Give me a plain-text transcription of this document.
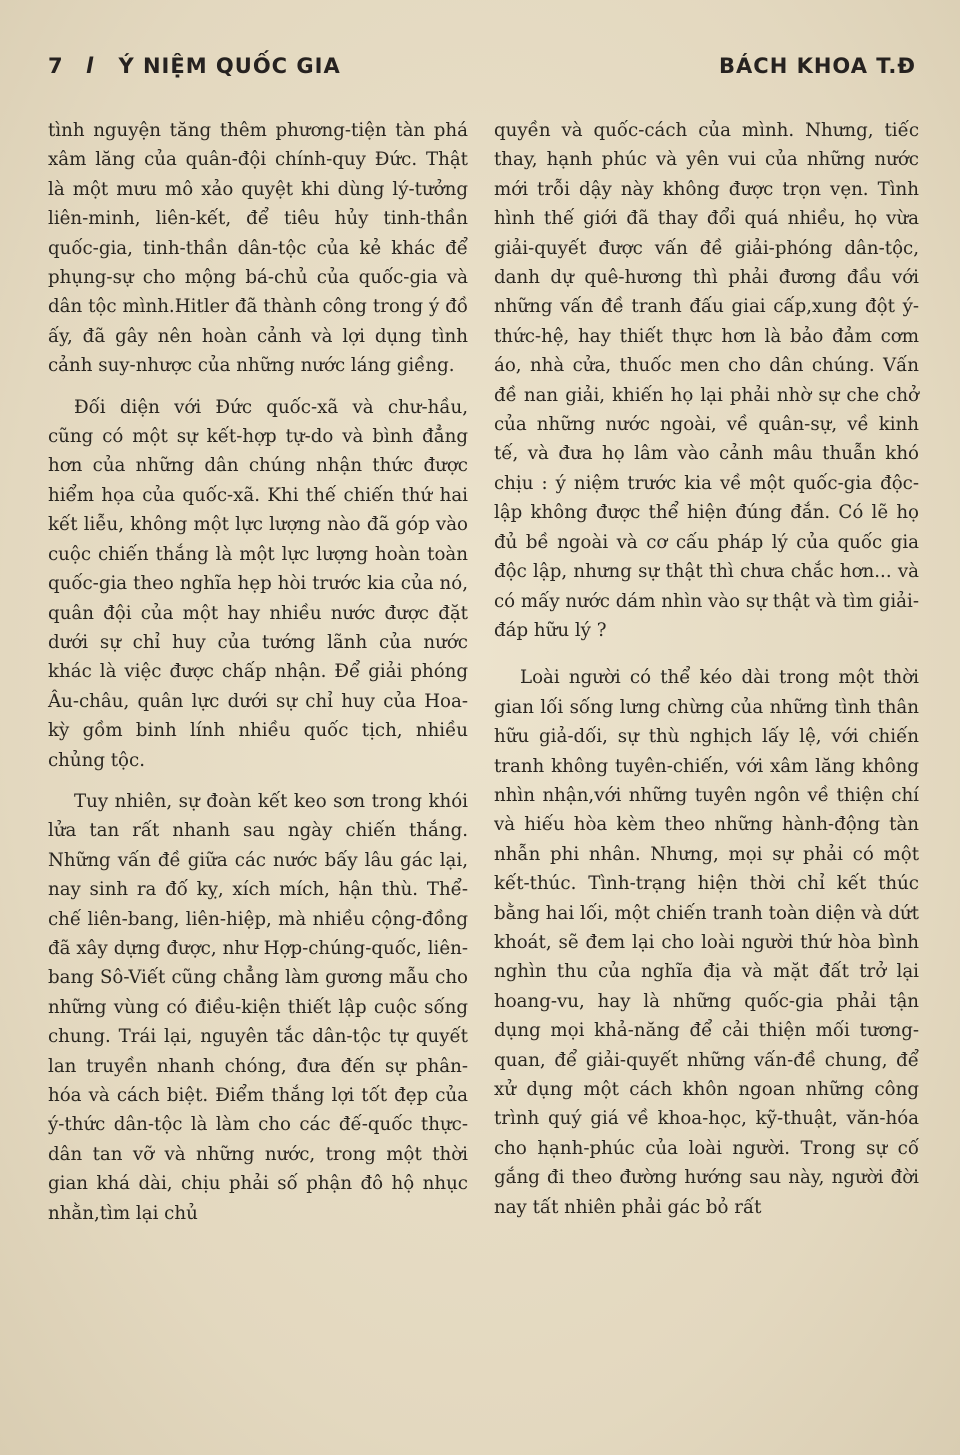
7 l Ý NIỆM QUỐC GIA	BÁCH KHOA T.Đ

tình nguyện tăng thêm phương-tiện tàn phá xâm lăng của quân-đội chính-quy Đức. Thật là một mưu mô xảo quyệt khi dùng lý-tưởng liên-minh, liên-kết, để tiêu hủy tinh-thần quốc-gia, tinh-thần dân-tộc của kẻ khác để phụng-sự cho mộng bá-chủ của quốc-gia và dân tộc mình.Hitler đã thành công trong ý đồ ấy, đã gây nên hoàn cảnh và lợi dụng tình cảnh suy-nhược của những nước láng giềng.

Đối diện với Đức quốc-xã và chư-hầu, cũng có một sự kết-hợp tự-do và bình đẳng hơn của những dân chúng nhận thức được hiểm họa của quốc-xã. Khi thế chiến thứ hai kết liễu, không một lực lượng nào đã góp vào cuộc chiến thắng là một lực lượng hoàn toàn quốc-gia theo nghĩa hẹp hòi trước kia của nó, quân đội của một hay nhiều nước được đặt dưới sự chỉ huy của tướng lãnh của nước khác là việc được chấp nhận. Để giải phóng Âu-châu, quân lực dưới sự chỉ huy của Hoa-kỳ gồm binh lính nhiều quốc tịch, nhiều chủng tộc.

Tuy nhiên, sự đoàn kết keo sơn trong khói lửa tan rất nhanh sau ngày chiến thắng. Những vấn đề giữa các nước bấy lâu gác lại, nay sinh ra đố kỵ, xích mích, hận thù. Thể-chế liên-bang, liên-hiệp, mà nhiều cộng-đồng đã xây dựng được, như Hợp-chúng-quốc, liên-bang Sô-Viết cũng chẳng làm gương mẫu cho những vùng có điều-kiện thiết lập cuộc sống chung. Trái lại, nguyên tắc dân-tộc tự quyết lan truyền nhanh chóng, đưa đến sự phân-hóa và cách biệt. Điểm thắng lợi tốt đẹp của ý-thức dân-tộc là làm cho các đế-quốc thực-dân tan vỡ và những nước, trong một thời gian khá dài, chịu phải số phận đô hộ nhục nhằn,tìm lại chủ

quyền và quốc-cách của mình. Nhưng, tiếc thay, hạnh phúc và yên vui của những nước mới trỗi dậy này không được trọn vẹn. Tình hình thế giới đã thay đổi quá nhiều, họ vừa giải-quyết được vấn đề giải-phóng dân-tộc, danh dự quê-hương thì phải đương đầu với những vấn đề tranh đấu giai cấp,xung đột ý-thức-hệ, hay thiết thực hơn là bảo đảm cơm áo, nhà cửa, thuốc men cho dân chúng. Vấn đề nan giải, khiến họ lại phải nhờ sự che chở của những nước ngoài, về quân-sự, về kinh tế, và đưa họ lâm vào cảnh mâu thuẫn khó chịu : ý niệm trước kia về một quốc-gia độc-lập không được thể hiện đúng đắn. Có lẽ họ đủ bề ngoài và cơ cấu pháp lý của quốc gia độc lập, nhưng sự thật thì chưa chắc hơn... và có mấy nước dám nhìn vào sự thật và tìm giải-đáp hữu lý ?

Loài người có thể kéo dài trong một thời gian lối sống lưng chừng của những tình thân hữu giả-dối, sự thù nghịch lấy lệ, với chiến tranh không tuyên-chiến, với xâm lăng không nhìn nhận,với những tuyên ngôn về thiện chí và hiếu hòa kèm theo những hành-động tàn nhẫn phi nhân. Nhưng, mọi sự phải có một kết-thúc. Tình-trạng hiện thời chỉ kết thúc bằng hai lối, một chiến tranh toàn diện và dứt khoát, sẽ đem lại cho loài người thứ hòa bình nghìn thu của nghĩa địa và mặt đất trở lại hoang-vu, hay là những quốc-gia phải tận dụng mọi khả-năng để cải thiện mối tương-quan, để giải-quyết những vấn-đề chung, để xử dụng một cách khôn ngoan những công trình quý giá về khoa-học, kỹ-thuật, văn-hóa cho hạnh-phúc của loài người. Trong sự cố gắng đi theo đường hướng sau này, người đời nay tất nhiên phải gác bỏ rất
